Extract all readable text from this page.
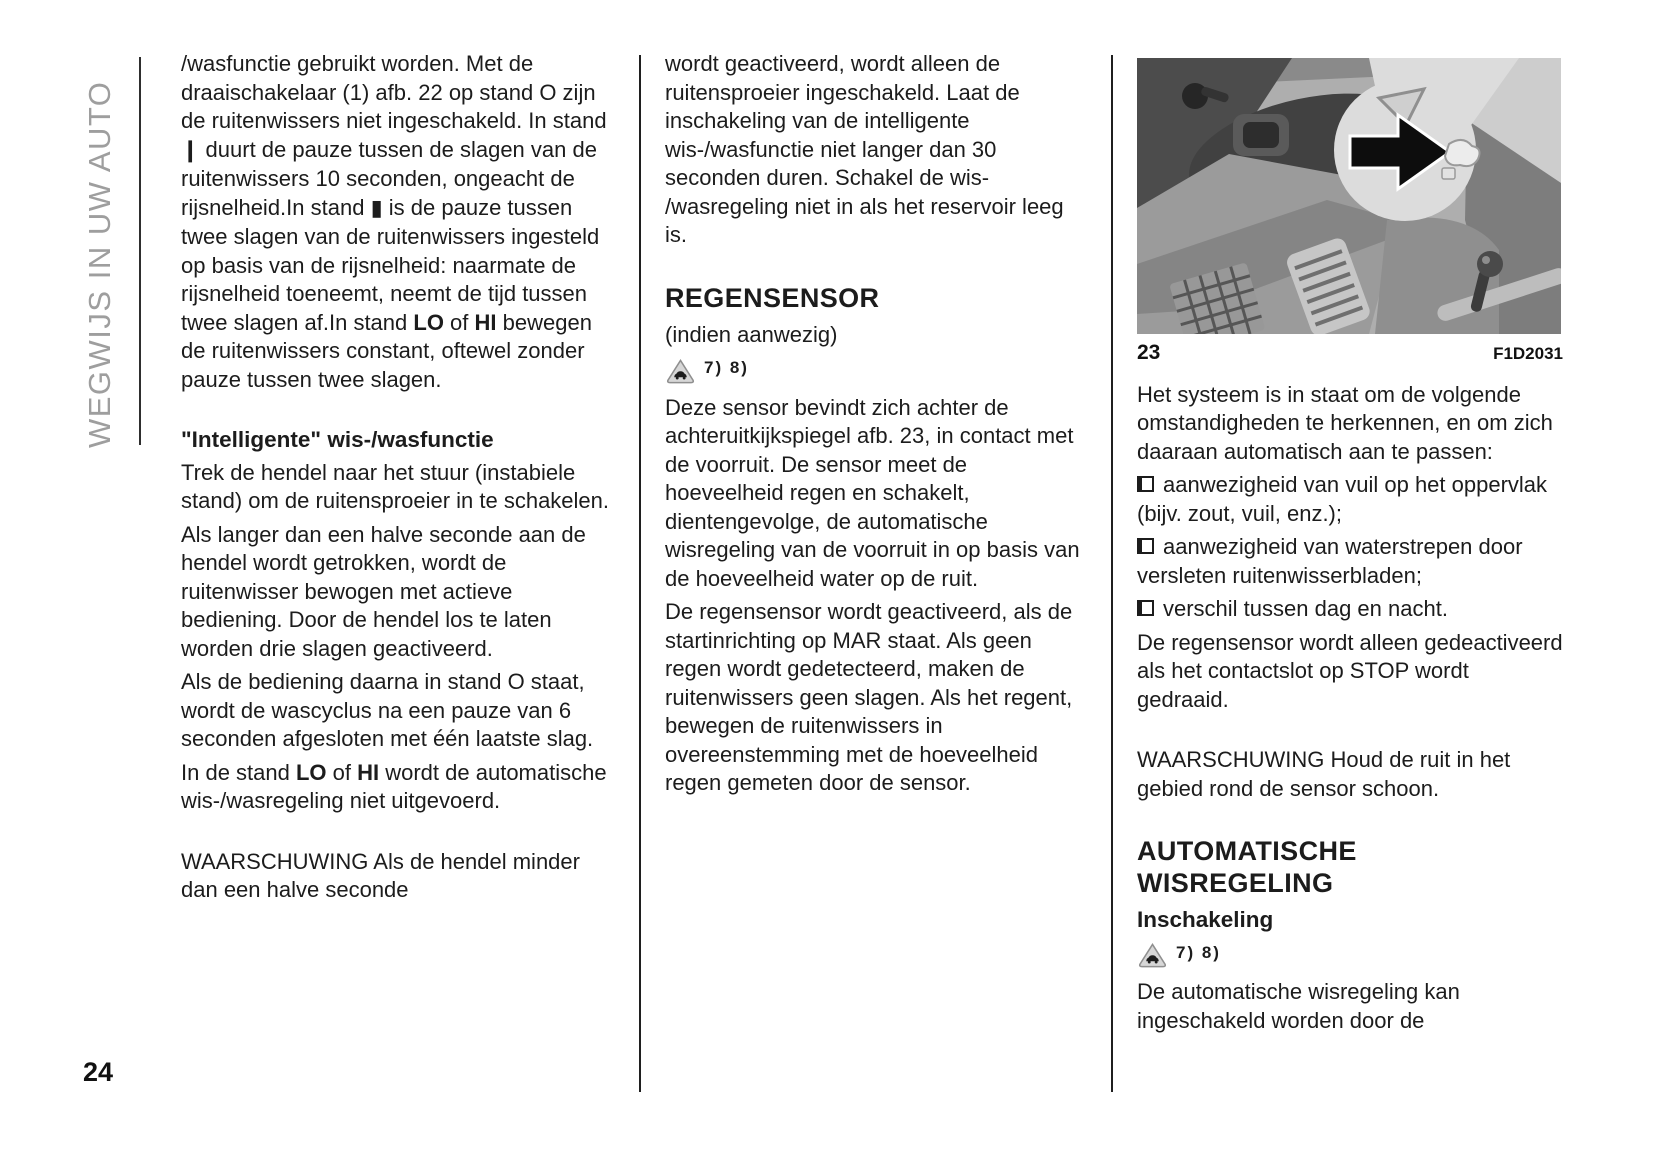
WEGWIJS IN UW AUTO

/wasfunctie gebruikt worden. Met de draaischakelaar (1) afb. 22 op stand O zijn de ruitenwissers niet ingeschakeld. In stand ❙ duurt de pauze tussen de slagen van de ruitenwissers 10 seconden, ongeacht de rijsnelheid.In stand ▮ is de pauze tussen twee slagen van de ruitenwissers ingesteld op basis van de rijsnelheid: naarmate de rijsnelheid toeneemt, neemt de tijd tussen twee slagen af.In stand LO of HI bewegen de ruitenwissers constant, oftewel zonder pauze tussen twee slagen.

"Intelligente" wis-/wasfunctie

Trek de hendel naar het stuur (instabiele stand) om de ruitensproeier in te schakelen.

Als langer dan een halve seconde aan de hendel wordt getrokken, wordt de ruitenwisser bewogen met actieve bediening. Door de hendel los te laten worden drie slagen geactiveerd.

Als de bediening daarna in stand O staat, wordt de wascyclus na een pauze van 6 seconden afgesloten met één laatste slag.

In de stand LO of HI wordt de automatische wis-/wasregeling niet uitgevoerd.

WAARSCHUWING Als de hendel minder dan een halve seconde

wordt geactiveerd, wordt alleen de ruitensproeier ingeschakeld. Laat de inschakeling van de intelligente wis-/wasfunctie niet langer dan 30 seconden duren. Schakel de wis- /wasregeling niet in als het reservoir leeg is.

REGENSENSOR

(indien aanwezig)

7) 8)

Deze sensor bevindt zich achter de achteruitkijkspiegel afb. 23, in contact met de voorruit. De sensor meet de hoeveelheid regen en schakelt, dientengevolge, de automatische wisregeling van de voorruit in op basis van de hoeveelheid water op de ruit.

De regensensor wordt geactiveerd, als de startinrichting op MAR staat. Als geen regen wordt gedetecteerd, maken de ruitenwissers geen slagen. Als het regent, bewegen de ruitenwissers in overeenstemming met de hoeveelheid regen gemeten door de sensor.

23	F1D2031

Het systeem is in staat om de volgende omstandigheden te herkennen, en om zich daaraan automatisch aan te passen:

aanwezigheid van vuil op het oppervlak (bijv. zout, vuil, enz.);

aanwezigheid van waterstrepen door versleten ruitenwisserbladen;

verschil tussen dag en nacht.

De regensensor wordt alleen gedeactiveerd als het contactslot op STOP wordt gedraaid.

WAARSCHUWING Houd de ruit in het gebied rond de sensor schoon.

AUTOMATISCHE WISREGELING
Inschakeling
7) 8)

De automatische wisregeling kan ingeschakeld worden door de

24
